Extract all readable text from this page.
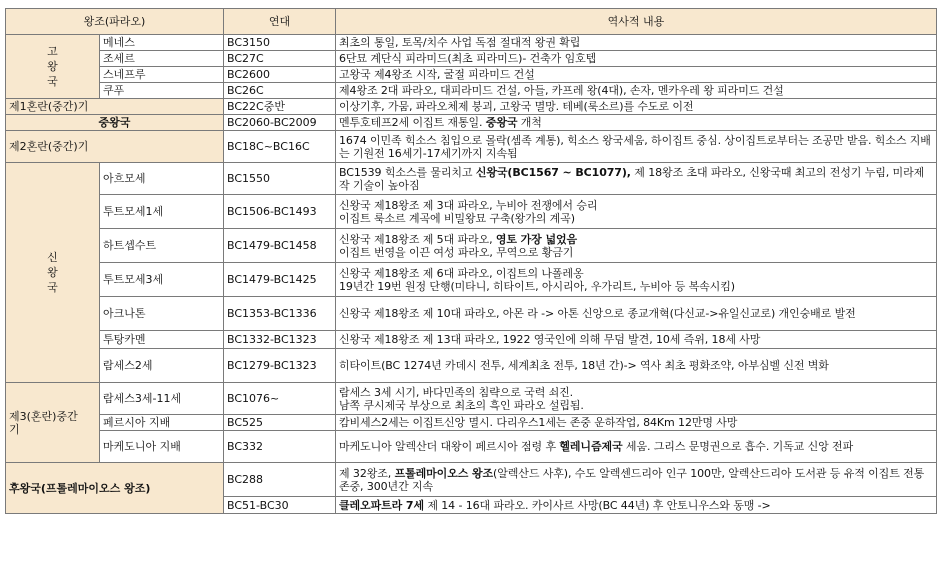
왕조(파라오)		연대	역사적 내용
고
왕
국	메네스	BC3150	최초의 통일, 토목/치수 사업 독점 절대적 왕권 확립
	조세르	BC27C	6단묘 계단식 피라미드(최초 피라미드)- 건축가 임호텝
	스네프루	BC2600	고왕국 제4왕조 시작, 굴절 피라미드 건설
	쿠푸	BC26C	제4왕조 2대 파라오, 대피라미드 건설, 아들, 카프레 왕(4대), 손자, 멘카우레 왕 피라미드 건설
제1혼란(중간)기		BC22C중반	이상기후, 가뭄, 파라오체제 붕괴, 고왕국 멸망. 테베(룩소르)를 수도로 이전
중왕국		BC2060-BC2009	멘투호테프2세 이집트 재통일. 중왕국 개척
제2혼란(중간)기		BC18C~BC16C	1674 이민족 힉소스 침입으로 몰락(셈족 계통), 힉소스 왕국세움, 하이집트 중심. 상이집트로부터는 조공만 받음. 힉소스 지배는 기원전 16세기-17세기까지 지속됨
신
왕
국	아흐모세	BC1550	BC1539 힉소스를 물리치고 신왕국(BC1567 ~ BC1077), 제 18왕조 초대 파라오, 신왕국때 최고의 전성기 누림, 미라제작 기술이 높아짐
	투트모세1세	BC1506-BC1493	신왕국 제18왕조 제 3대 파라오, 누비아 전쟁에서 승리
이집트 룩소르 계곡에 비밀왕묘 구축(왕가의 계곡)
	하트셉수트	BC1479-BC1458	신왕국 제18왕조 제 5대 파라오, 영토 가장 넓었음
이집트 번영을 이끈 여성 파라오, 무역으로 황금기
	투트모세3세	BC1479-BC1425	신왕국 제18왕조 제 6대 파라오, 이집트의 나폴레옹
19년간 19번 원정 단행(미타니, 히타이트, 아시리아, 우가리트, 누비아 등 복속시킴)
	아크나톤	BC1353-BC1336	신왕국 제18왕조 제 10대 파라오, 아몬 라 -> 아톤 신앙으로 종교개혁(다신교->유일신교로) 개인숭배로 발전
	투탕카멘	BC1332-BC1323	신왕국 제18왕조 제 13대 파라오, 1922 영국인에 의해 무덤 발견, 10세 즉위, 18세 사망
	람세스2세	BC1279-BC1323	히타이트(BC 1274년 카데시 전투, 세계최초 전투, 18년 간)-> 역사 최초 평화조약, 아부심벨 신전 벽화
제3(혼란)중간
기	람세스3세-11세	BC1076~	람세스 3세 시기, 바다민족의 침략으로 국력 쇠진.
남쪽 쿠시제국 부상으로 최초의 흑인 파라오 설립됨.
	페르시아 지배	BC525	캄비세스2세는 이집트신앙 멸시. 다리우스1세는 존중 운하작업, 84Km 12만명 사망
	마케도니아 지배	BC332	마케도니아 알렉산더 대왕이 페르시아 점령 후 헬레니즘제국 세움. 그리스 문명권으로 흡수. 기독교 신앙 전파
후왕국(프톨레마이오스 왕조)		BC288	제 32왕조, 프톨레마이오스 왕조(알렉산드 사후), 수도 알렉센드리아 인구 100만, 알렉산드리아 도서관 등 유적 이집트 전통 존중, 300년간 지속
		BC51-BC30	클레오파트라 7세 제 14 - 16대 파라오. 카이사르 사망(BC 44년) 후 안토니우스와 동맹 ->
